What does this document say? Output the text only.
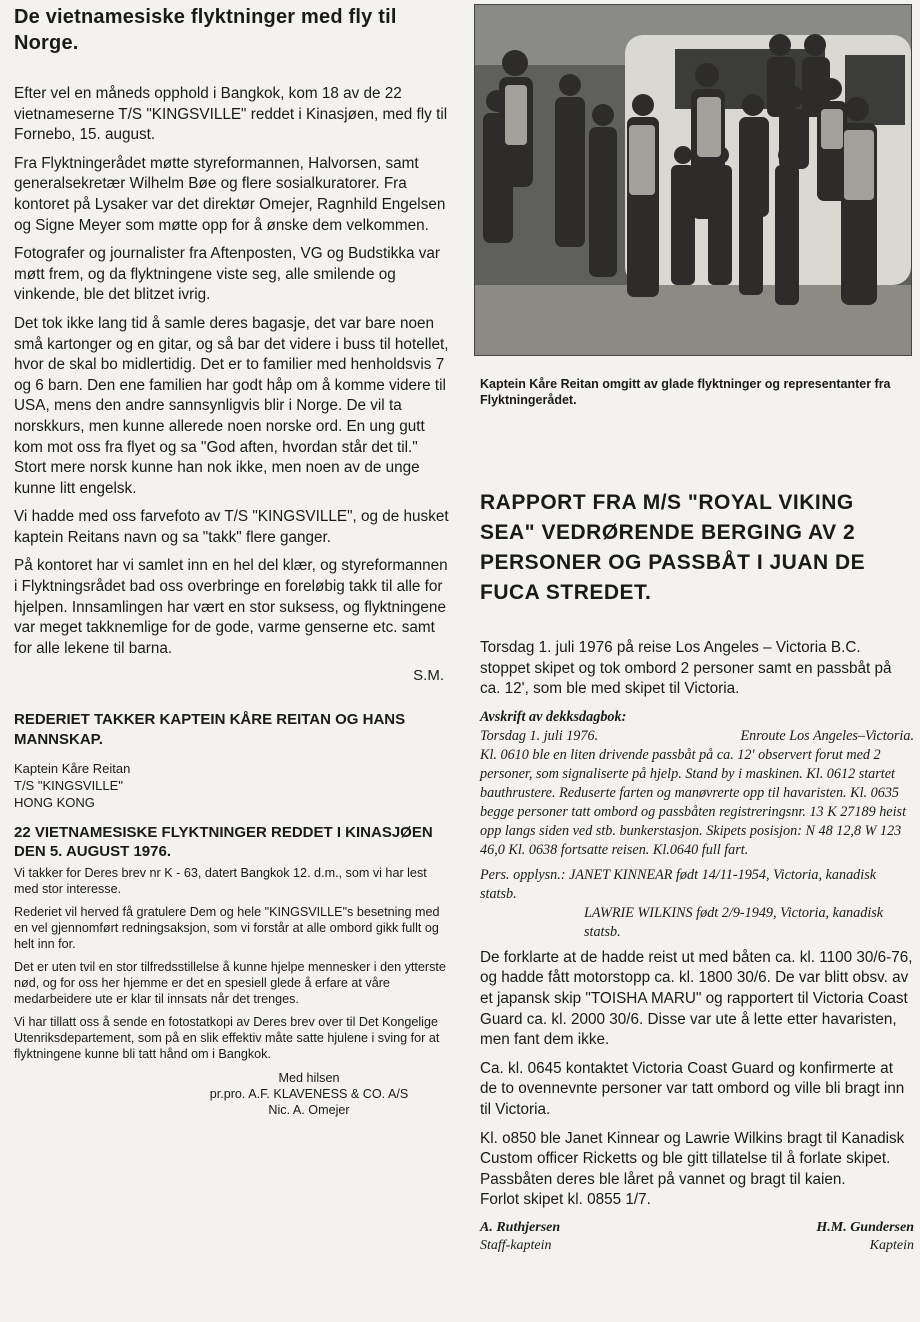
De vietnamesiske flyktninger med fly til Norge.

Efter vel en måneds opphold i Bangkok, kom 18 av de 22 vietnameserne T/S "KINGSVILLE" reddet i Kinasjøen, med fly til Fornebo, 15. august.

Fra Flyktningerådet møtte styreformannen, Halvorsen, samt generalsekretær Wilhelm Bøe og flere sosialkuratorer. Fra kontoret på Lysaker var det direktør Omejer, Ragnhild Engelsen og Signe Meyer som møtte opp for å ønske dem velkommen.

Fotografer og journalister fra Aftenposten, VG og Budstikka var møtt frem, og da flyktningene viste seg, alle smilende og vinkende, ble det blitzet ivrig.

Det tok ikke lang tid å samle deres bagasje, det var bare noen små kartonger og en gitar, og så bar det videre i buss til hotellet, hvor de skal bo midlertidig. Det er to familier med henholdsvis 7 og 6 barn. Den ene familien har godt håp om å komme videre til USA, mens den andre sannsynligvis blir i Norge. De vil ta norskkurs, men kunne allerede noen norske ord. En ung gutt kom mot oss fra flyet og sa "God aften, hvordan står det til." Stort mere norsk kunne han nok ikke, men noen av de unge kunne litt engelsk.

Vi hadde med oss farvefoto av T/S "KINGSVILLE", og de husket kaptein Reitans navn og sa "takk" flere ganger.

På kontoret har vi samlet inn en hel del klær, og styreformannen i Flyktningsrådet bad oss overbringe en foreløbig takk til alle for hjelpen. Innsamlingen har vært en stor suksess, og flyktningene var meget takknemlige for de gode, varme genserne etc. samt for alle lekene til barna.

S.M.
REDERIET TAKKER KAPTEIN KÅRE REITAN OG HANS MANNSKAP.
Kaptein Kåre Reitan
T/S "KINGSVILLE"
HONG KONG
22 VIETNAMESISKE FLYKTNINGER REDDET I KINASJØEN DEN 5. AUGUST 1976.

Vi takker for Deres brev nr K - 63, datert Bangkok 12. d.m., som vi har lest med stor interesse.

Rederiet vil herved få gratulere Dem og hele "KINGSVILLE"s besetning med en vel gjennomført redningsaksjon, som vi forstår at alle ombord gikk fullt og helt inn for.

Det er uten tvil en stor tilfredsstillelse å kunne hjelpe mennesker i den ytterste nød, og for oss her hjemme er det en spesiell glede å erfare at våre medarbeidere ute er klar til innsats når det trenges.

Vi har tillatt oss å sende en fotostatkopi av Deres brev over til Det Kongelige Utenriksdepartement, som på en slik effektiv måte satte hjulene i sving for at flyktningene kunne bli tatt hånd om i Bangkok.

Med hilsen
pr.pro. A.F. KLAVENESS & CO. A/S
Nic. A. Omejer
Kaptein Kåre Reitan omgitt av glade flyktninger og representanter fra Flyktningerådet.
RAPPORT FRA M/S "ROYAL VIKING SEA" VEDRØRENDE BERGING AV 2 PERSONER OG PASSBÅT I JUAN DE FUCA STREDET.

Torsdag 1. juli 1976 på reise Los Angeles – Victoria B.C. stoppet skipet og tok ombord 2 personer samt en passbåt på ca. 12', som ble med skipet til Victoria.

Avskrift av dekksdagbok:
Torsdag 1. juli 1976.	Enroute Los Angeles–Victoria.
Kl. 0610 ble en liten drivende passbåt på ca. 12' observert forut med 2 personer, som signaliserte på hjelp. Stand by i maskinen. Kl. 0612 startet bauthrustere. Reduserte farten og manøvrerte opp til havaristen. Kl. 0635 begge personer tatt ombord og passbåten registreringsnr. 13 K 27189 heist opp langs siden ved stb. bunkerstasjon. Skipets posisjon: N 48 12,8 W 123 46,0 Kl. 0638 fortsatte reisen. Kl.0640 full fart.
Pers. opplysn.: JANET KINNEAR født 14/11-1954, Victoria, kanadisk statsb.
LAWRIE WILKINS født 2/9-1949, Victoria, kanadisk statsb.

De forklarte at de hadde reist ut med båten ca. kl. 1100 30/6-76, og hadde fått motorstopp ca. kl. 1800 30/6. De var blitt obsv. av et japansk skip "TOISHA MARU" og rapportert til Victoria Coast Guard ca. kl. 2000 30/6. Disse var ute å lette etter havaristen, men fant dem ikke.

Ca. kl. 0645 kontaktet Victoria Coast Guard og konfirmerte at de to ovennevnte personer var tatt ombord og ville bli bragt inn til Victoria.

Kl. o850 ble Janet Kinnear og Lawrie Wilkins bragt til Kanadisk Custom officer Ricketts og ble gitt tillatelse til å forlate skipet. Passbåten deres ble låret på vannet og bragt til kaien.

Forlot skipet kl. 0855 1/7.

A. Ruthjersen
Staff-kaptein
H.M. Gundersen
Kaptein
